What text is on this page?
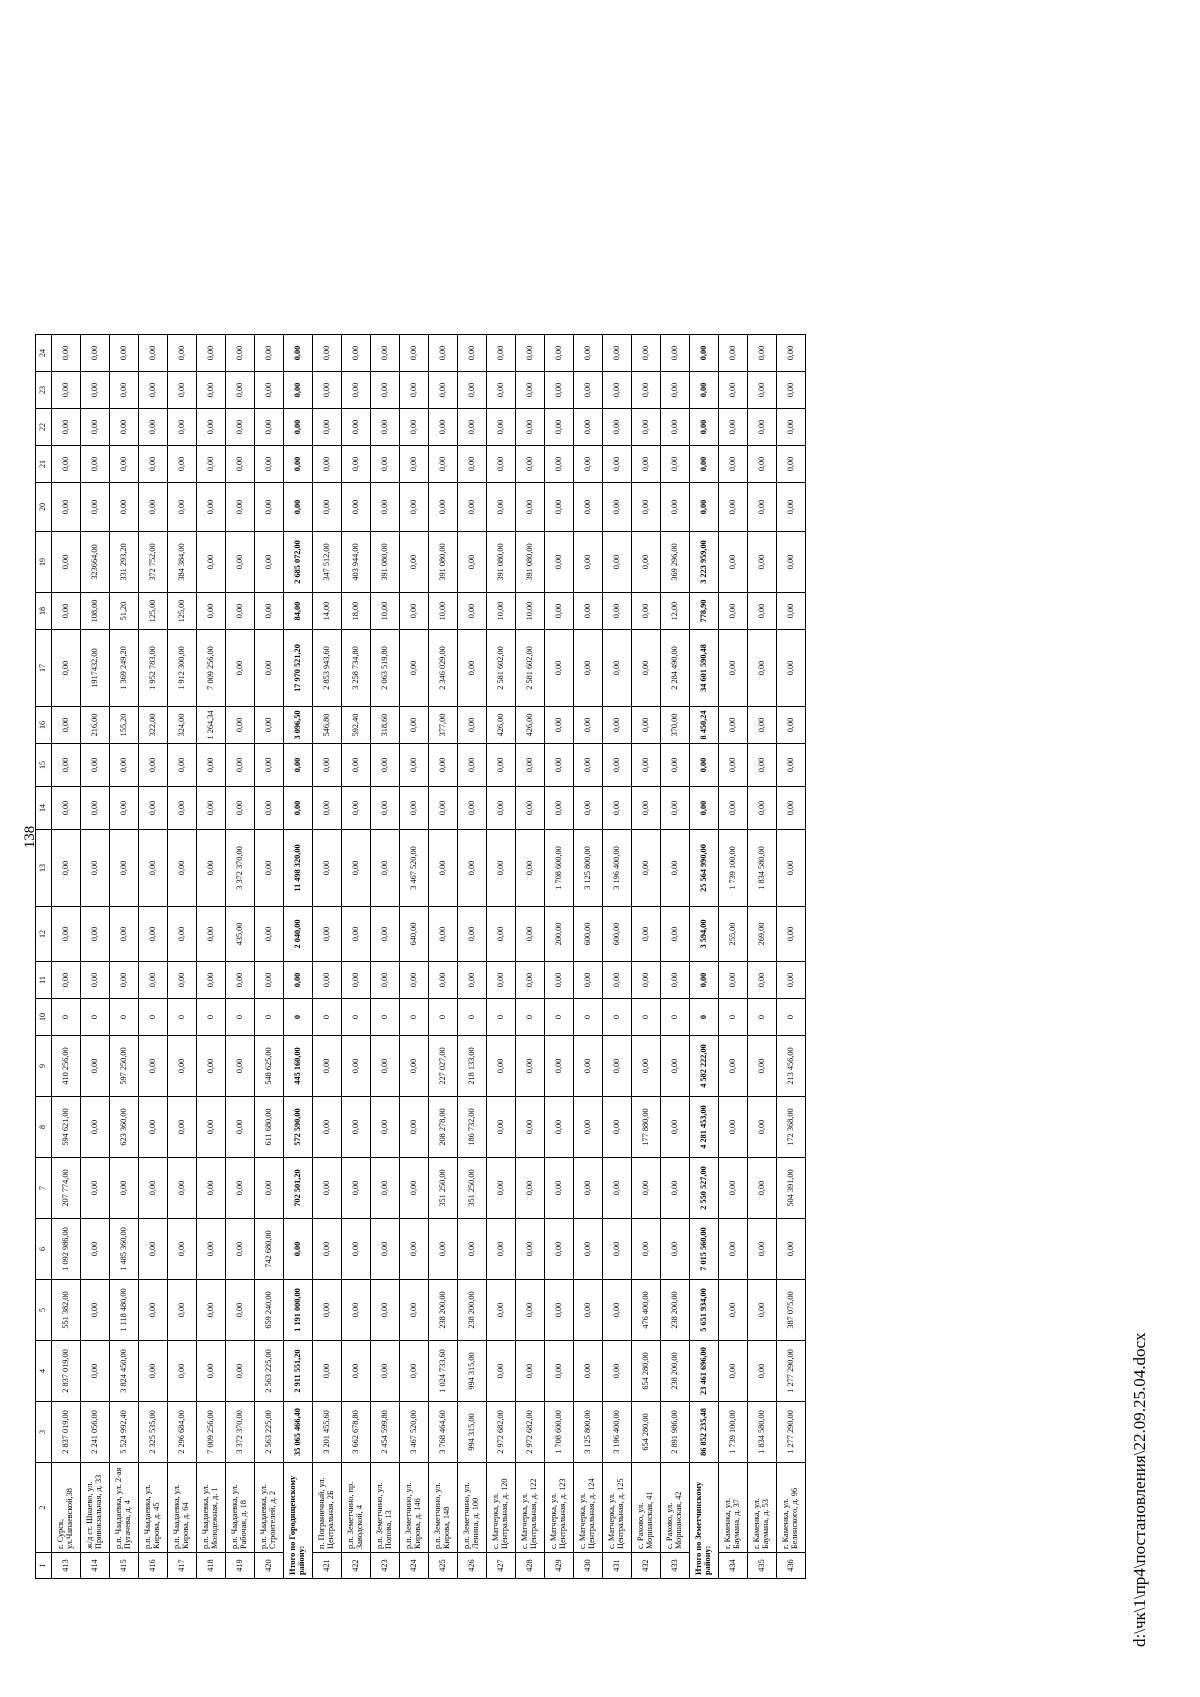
138
1	2	3	4	5	6	7	8	9	10	11	12	13	14	15	16	17	18	19	20	21	22	23	24
413	г. Сурск, ул.Чапаевской,38	2 837 019,00	2 837 019,00	551 382,00	1 092 986,00	207 774,00	594 621,00	410 256,00	0	0,00	0,00	0,00	0,00	0,00	0,00	0,00	0,00	0,00	0,00	0,00	0,00	0,00	0,00
414	ж/д ст. Шнаево, ул. Привокзальная, д. 33	2 241 056,00	0,00	0,00	0,00	0,00	0,00	0,00	0	0,00	0,00	0,00	0,00	0,00	216,00	1917432,00	108,00	323664,00	0,00	0,00	0,00	0,00	0,00
415	р.п. Чаадаевка, ул. 2-ая Пугачева, д. 4	5 524 992,40	3 824 450,00	1 118 480,00	1 485 360,00	0,00	623 360,00	597 250,00	0	0,00	0,00	0,00	0,00	0,00	155,20	1 369 249,20	51,20	331 293,20	0,00	0,00	0,00	0,00	0,00
416	р.п. Чаадаевка, ул. Кирова, д. 45	2 325 535,00	0,00	0,00	0,00	0,00	0,00	0,00	0	0,00	0,00	0,00	0,00	0,00	322,00	1 952 783,00	125,00	372 752,00	0,00	0,00	0,00	0,00	0,00
417	р.п. Чаадаевка, ул. Кирова, д. 64	2 296 684,00	0,00	0,00	0,00	0,00	0,00	0,00	0	0,00	0,00	0,00	0,00	0,00	324,00	1 912 300,00	125,00	384 384,00	0,00	0,00	0,00	0,00	0,00
418	р.п. Чаадаевка, ул. Молодежная, д. 1	7 009 256,00	0,00	0,00	0,00	0,00	0,00	0,00	0	0,00	0,00	0,00	0,00	0,00	1 264,34	7 009 256,00	0,00	0,00	0,00	0,00	0,00	0,00	0,00
419	р.п. Чаадаевка, ул. Рабочая, д. 18	3 372 370,00	0,00	0,00	0,00	0,00	0,00	0,00	0	0,00	435,00	3 372 370,00	0,00	0,00	0,00	0,00	0,00	0,00	0,00	0,00	0,00	0,00	0,00
420	р.п. Чаадаевка, ул. Строителей, д. 2	2 563 225,00	2 563 225,00	659 240,00	742 680,00	0,00	611 680,00	548 625,00	0	0,00	0,00	0,00	0,00	0,00	0,00	0,00	0,00	0,00	0,00	0,00	0,00	0,00	0,00
Итого по Городищенскому району:		35 065 466,40	2 911 551,20	1 191 000,00	0,00	702 501,20	572 590,00	445 160,00	0	0,00	2 040,00	11 498 320,00	0,00	0,00	3 096,50	17 970 521,20	84,00	2 685 072,00	0,00	0,00	0,00	0,00	0,00
421	п. Пограничный, ул. Центральная, 2Б	3 201 455,60	0,00	0,00	0,00	0,00	0,00	0,00	0	0,00	0,00	0,00	0,00	0,00	546,80	2 853 943,60	14,00	347 512,00	0,00	0,00	0,00	0,00	0,00
422	р.п. Земетчино, пр. Заводской, 4	3 662 678,80	0,00	0,00	0,00	0,00	0,00	0,00	0	0,00	0,00	0,00	0,00	0,00	592,40	3 258 734,80	18,00	403 944,00	0,00	0,00	0,00	0,00	0,00
423	р.п. Земетчино, ул. Попова, 13	2 454 599,80	0,00	0,00	0,00	0,00	0,00	0,00	0	0,00	0,00	0,00	0,00	0,00	318,60	2 063 519,80	10,00	391 080,00	0,00	0,00	0,00	0,00	0,00
424	р.п. Земетчино, ул. Кирова, д. 146	3 467 520,00	0,00	0,00	0,00	0,00	0,00	0,00	0	0,00	640,00	3 467 520,00	0,00	0,00	0,00	0,00	0,00	0,00	0,00	0,00	0,00	0,00	0,00
425	р.п. Земетчино, ул. Кирова, 148	3 768 464,60	1 024 733,60	238 200,00	0,00	351 250,00	208 278,00	227 027,00	0	0,00	0,00	0,00	0,00	0,00	377,00	2 346 029,00	10,00	391 080,00	0,00	0,00	0,00	0,00	0,00
426	р.п. Земетчино, ул. Ленина, д. 100	994 315,00	994 315,00	238 200,00	0,00	351 250,00	186 732,00	218 133,00	0	0,00	0,00	0,00	0,00	0,00	0,00	0,00	0,00	0,00	0,00	0,00	0,00	0,00	0,00
427	с. Матчерка, ул. Центральная, д. 120	2 972 682,00	0,00	0,00	0,00	0,00	0,00	0,00	0	0,00	0,00	0,00	0,00	0,00	426,00	2 581 602,00	10,00	391 080,00	0,00	0,00	0,00	0,00	0,00
428	с. Матчерка, ул. Центральная, д. 122	2 972 682,00	0,00	0,00	0,00	0,00	0,00	0,00	0	0,00	0,00	0,00	0,00	0,00	426,00	2 581 602,00	10,00	391 080,00	0,00	0,00	0,00	0,00	0,00
429	с. Матчерка, ул. Центральная, д. 123	1 708 600,00	0,00	0,00	0,00	0,00	0,00	0,00	0	0,00	200,00	1 708 600,00	0,00	0,00	0,00	0,00	0,00	0,00	0,00	0,00	0,00	0,00	0,00
430	с. Матчерка, ул. Центральная, д. 124	3 125 800,00	0,00	0,00	0,00	0,00	0,00	0,00	0	0,00	600,00	3 125 800,00	0,00	0,00	0,00	0,00	0,00	0,00	0,00	0,00	0,00	0,00	0,00
431	с. Матчерка, ул. Центральная, д. 125	3 196 400,00	0,00	0,00	0,00	0,00	0,00	0,00	0	0,00	600,00	3 196 400,00	0,00	0,00	0,00	0,00	0,00	0,00	0,00	0,00	0,00	0,00	0,00
432	с. Рахово, ул. Моршанская, 41	654 280,00	654 280,00	476 400,00	0,00	0,00	177 880,00	0,00	0	0,00	0,00	0,00	0,00	0,00	0,00	0,00	0,00	0,00	0,00	0,00	0,00	0,00	0,00
433	с. Рахово, ул. Моршанская, 42	2 891 986,00	238 200,00	238 200,00	0,00	0,00	0,00	0,00	0	0,00	0,00	0,00	0,00	0,00	370,00	2 284 490,00	12,00	369 296,00	0,00	0,00	0,00	0,00	0,00
Итого по Земетчинскому району:		86 852 235,48	23 461 696,00	5 651 934,00	7 015 560,00	2 550 527,00	4 281 453,00	4 582 222,00	0	0,00	3 594,00	25 564 990,00	0,00	0,00	8 450,24	34 601 590,48	778,90	3 223 959,00	0,00	0,00	0,00	0,00	0,00
434	г. Каменка, ул. Бауманa, д. 37	1 739 100,00	0,00	0,00	0,00	0,00	0,00	0,00	0	0,00	255,00	1 739 100,00	0,00	0,00	0,00	0,00	0,00	0,00	0,00	0,00	0,00	0,00	0,00
435	г. Каменка, ул. Баумана, д. 53	1 834 580,00	0,00	0,00	0,00	0,00	0,00	0,00	0	0,00	269,00	1 834 580,00	0,00	0,00	0,00	0,00	0,00	0,00	0,00	0,00	0,00	0,00	0,00
436	г. Каменка, ул. Белинского, д. 96	1 277 290,00	1 277 290,00	387 075,00	0,00	504 391,00	172 368,00	213 456,00	0	0,00	0,00	0,00	0,00	0,00	0,00	0,00	0,00	0,00	0,00	0,00	0,00	0,00	0,00
d:\чк\1\пр4\постановления\22.09.25.04.docx
